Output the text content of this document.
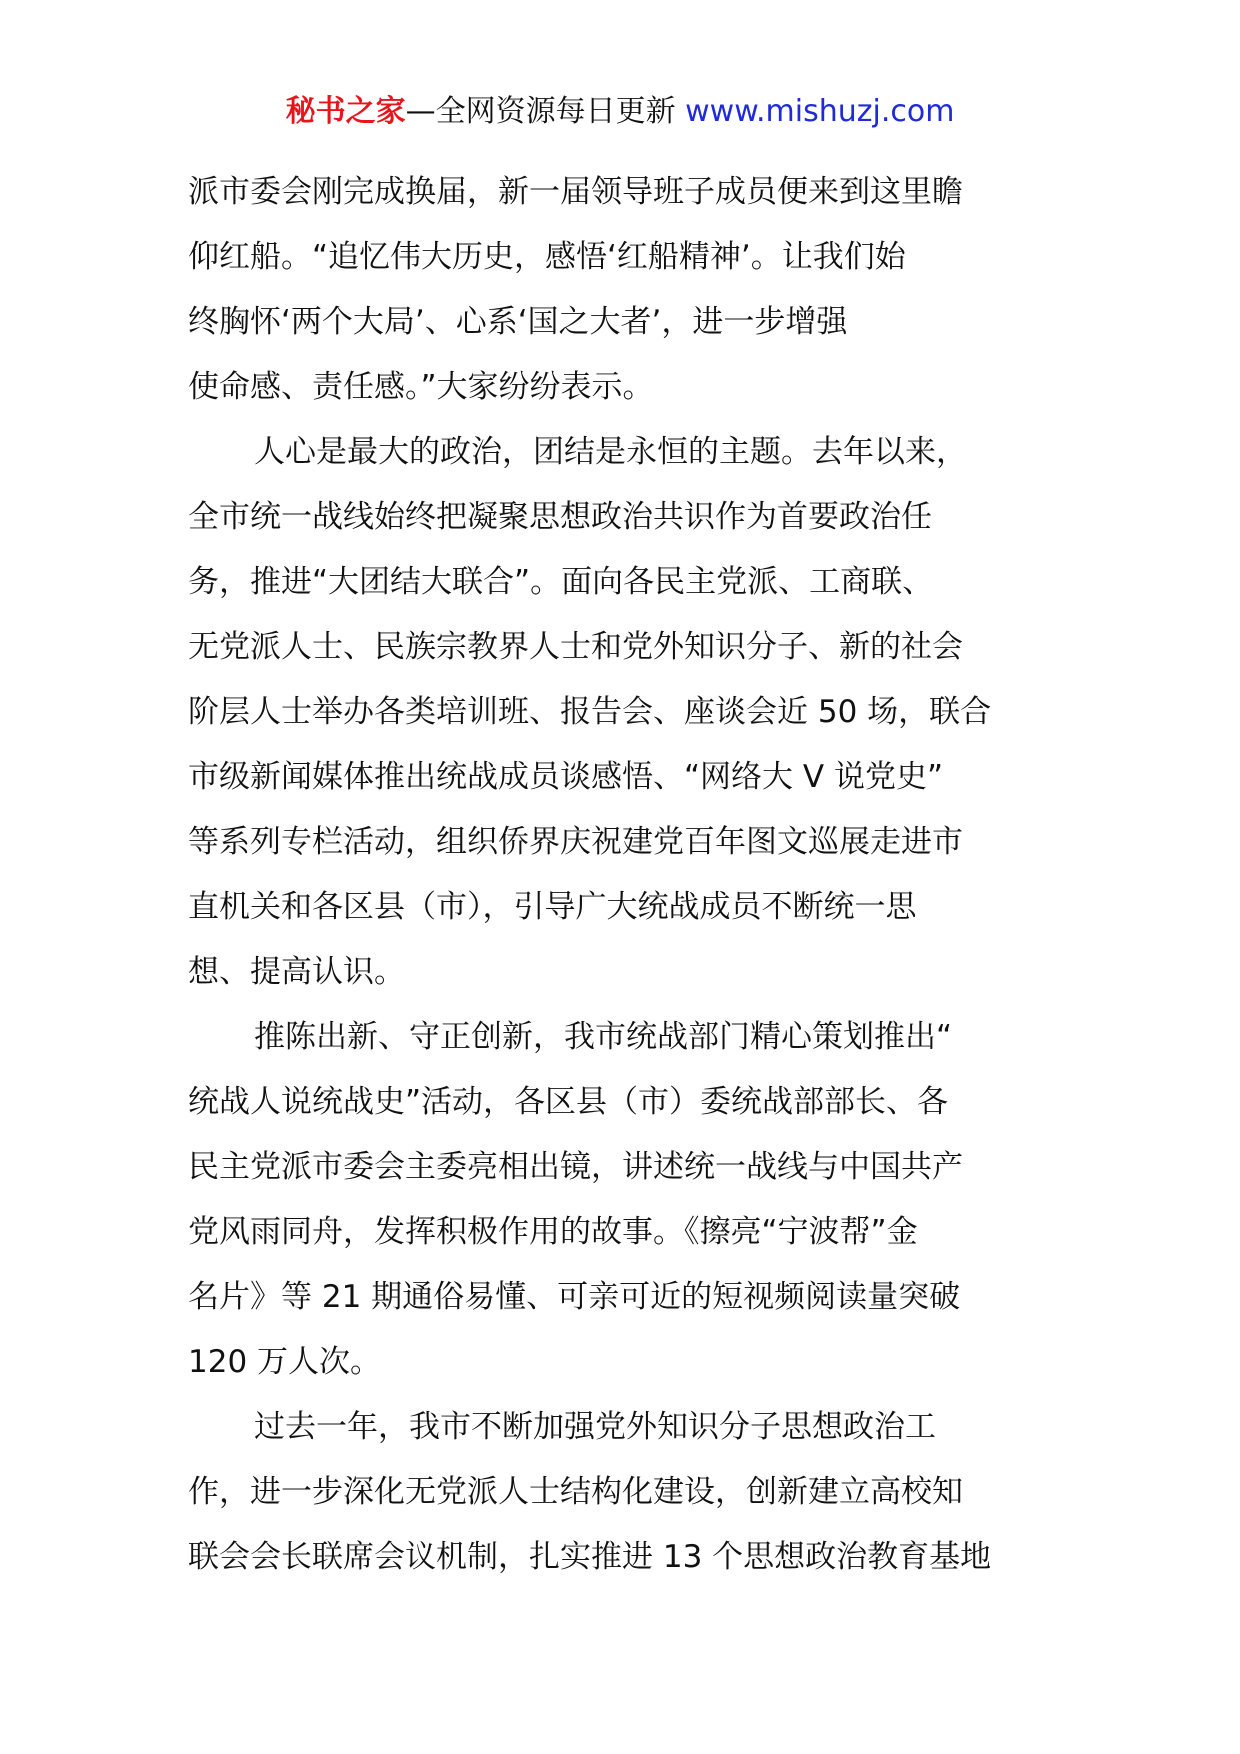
秘书之家—全网资源每日更新 www.mishuzj.com
派市委会刚完成换届，新一届领导班子成员便来到这里瞻
仰红船。“追忆伟大历史，感悟‘红船精神’。让我们始
终胸怀‘两个大局’、心系‘国之大者’，进一步增强
使命感、责任感。”大家纷纷表示。
人心是最大的政治，团结是永恒的主题。去年以来，
全市统一战线始终把凝聚思想政治共识作为首要政治任
务，推进“大团结大联合”。面向各民主党派、工商联、
无党派人士、民族宗教界人士和党外知识分子、新的社会
阶层人士举办各类培训班、报告会、座谈会近 50 场，联合
市级新闻媒体推出统战成员谈感悟、“网络大 V 说党史”
等系列专栏活动，组织侨界庆祝建党百年图文巡展走进市
直机关和各区县（市），引导广大统战成员不断统一思
想、提高认识。
推陈出新、守正创新，我市统战部门精心策划推出“
统战人说统战史”活动，各区县（市）委统战部部长、各
民主党派市委会主委亮相出镜，讲述统一战线与中国共产
党风雨同舟，发挥积极作用的故事。《擦亮“宁波帮”金
名片》等 21 期通俗易懂、可亲可近的短视频阅读量突破
120 万人次。
过去一年，我市不断加强党外知识分子思想政治工
作，进一步深化无党派人士结构化建设，创新建立高校知
联会会长联席会议机制，扎实推进 13 个思想政治教育基地
